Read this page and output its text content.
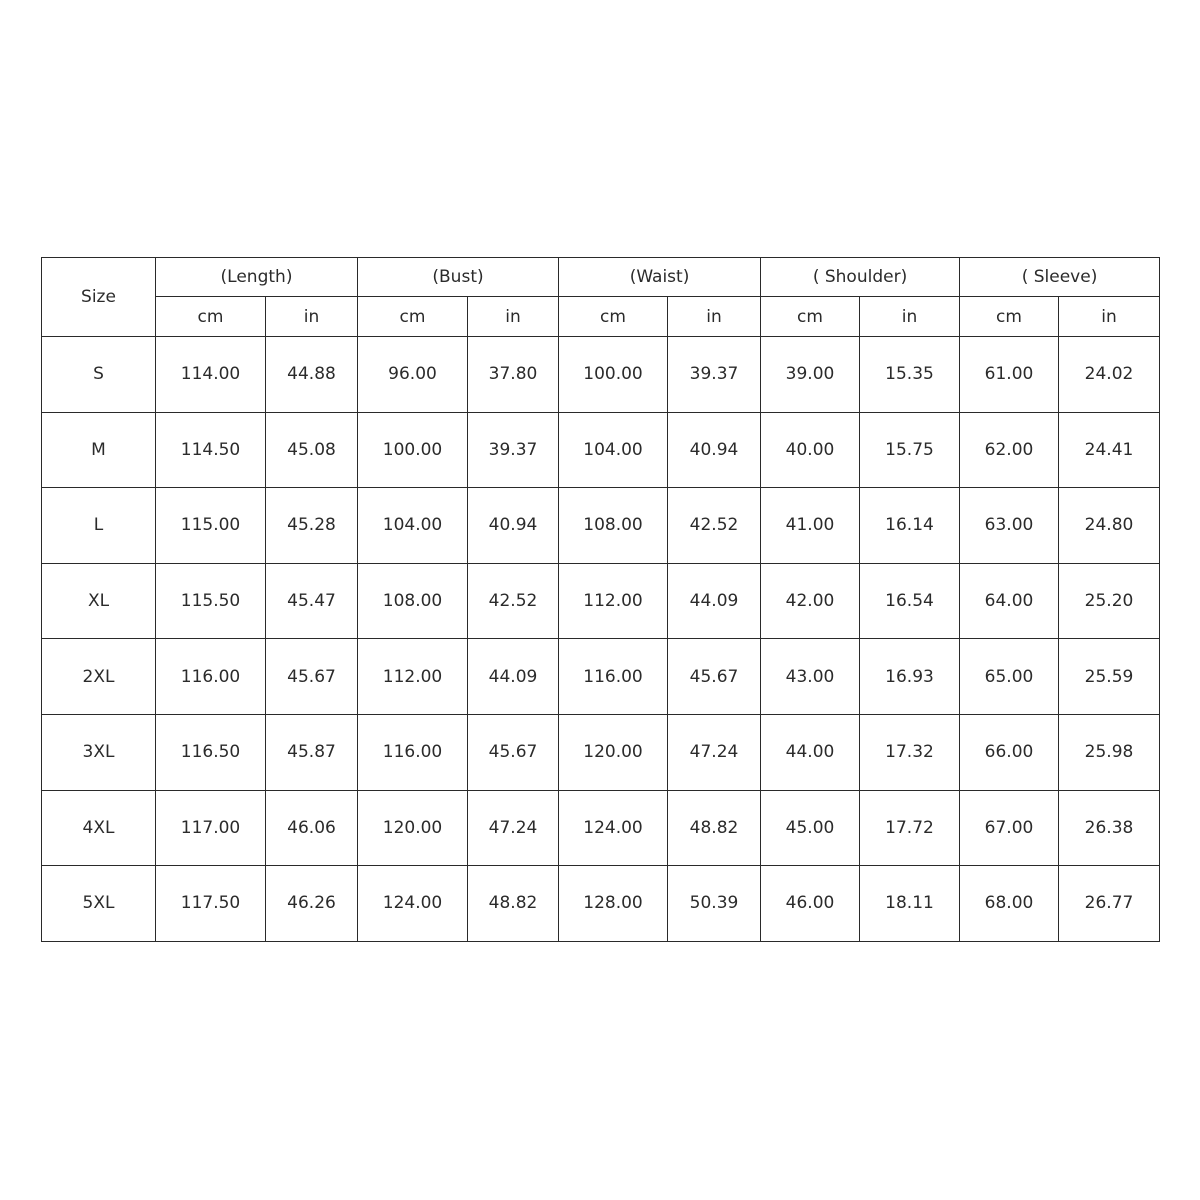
Size	(Length)		(Bust)		(Waist)		( Shoulder)		( Sleeve)	
	cm	in	cm	in	cm	in	cm	in	cm	in
S	114.00	44.88	96.00	37.80	100.00	39.37	39.00	15.35	61.00	24.02
M	114.50	45.08	100.00	39.37	104.00	40.94	40.00	15.75	62.00	24.41
L	115.00	45.28	104.00	40.94	108.00	42.52	41.00	16.14	63.00	24.80
XL	115.50	45.47	108.00	42.52	112.00	44.09	42.00	16.54	64.00	25.20
2XL	116.00	45.67	112.00	44.09	116.00	45.67	43.00	16.93	65.00	25.59
3XL	116.50	45.87	116.00	45.67	120.00	47.24	44.00	17.32	66.00	25.98
4XL	117.00	46.06	120.00	47.24	124.00	48.82	45.00	17.72	67.00	26.38
5XL	117.50	46.26	124.00	48.82	128.00	50.39	46.00	18.11	68.00	26.77
